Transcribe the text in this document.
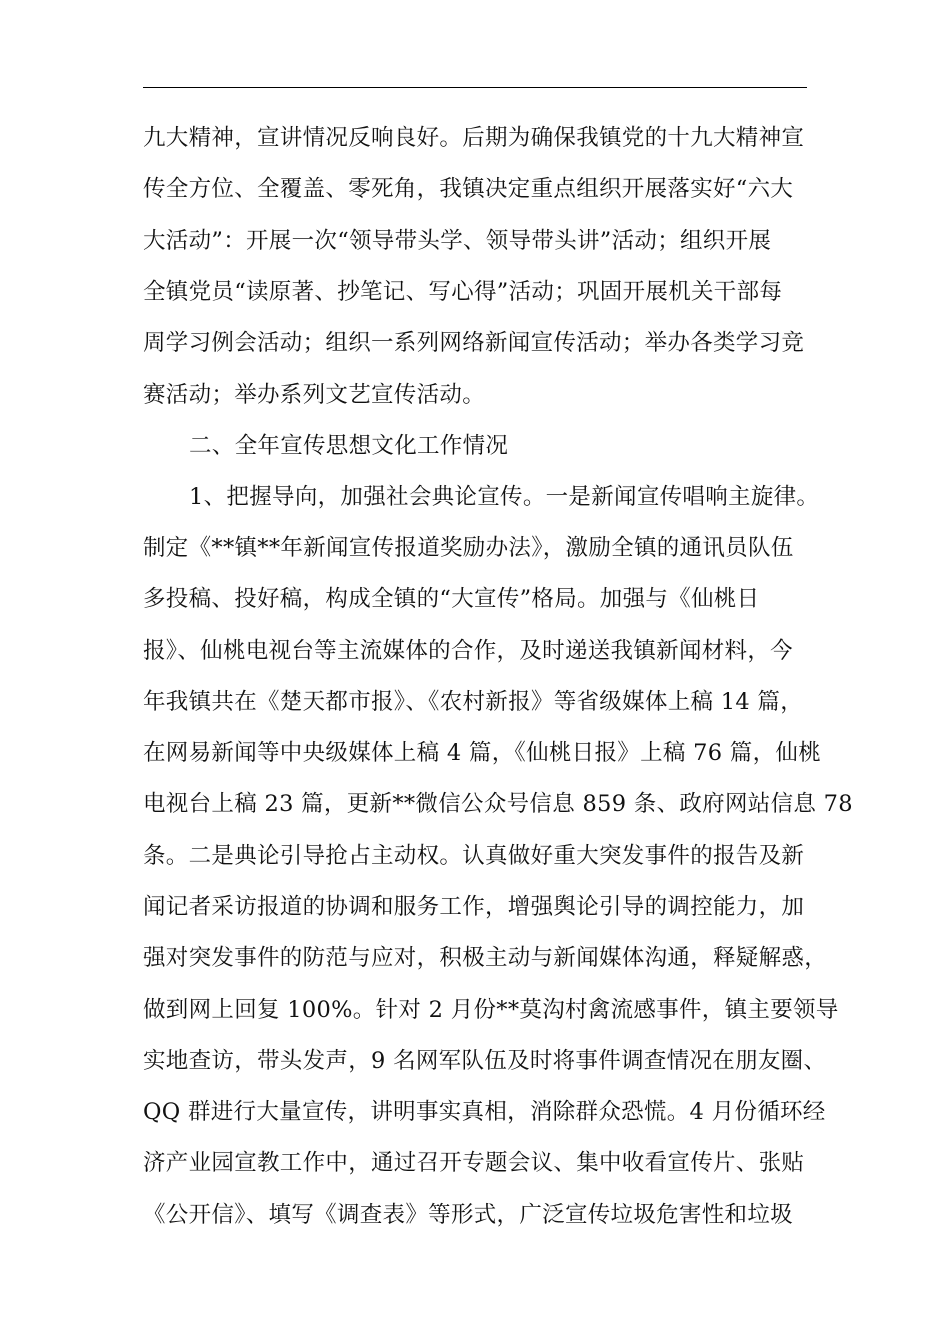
九大精神，宣讲情况反响良好。后期为确保我镇党的十九大精神宣
传全方位、全覆盖、零死角，我镇决定重点组织开展落实好“六大
大活动”：开展一次“领导带头学、领导带头讲”活动；组织开展
全镇党员“读原著、抄笔记、写心得”活动；巩固开展机关干部每
周学习例会活动；组织一系列网络新闻宣传活动；举办各类学习竞
赛活动；举办系列文艺宣传活动。
二、全年宣传思想文化工作情况
1、把握导向，加强社会典论宣传。一是新闻宣传唱响主旋律。
制定《**镇**年新闻宣传报道奖励办法》，激励全镇的通讯员队伍
多投稿、投好稿，构成全镇的“大宣传”格局。加强与《仙桃日
报》、仙桃电视台等主流媒体的合作，及时递送我镇新闻材料，今
年我镇共在《楚天都市报》、《农村新报》等省级媒体上稿 14 篇，
在网易新闻等中央级媒体上稿 4 篇，《仙桃日报》上稿 76 篇，仙桃
电视台上稿 23 篇，更新**微信公众号信息 859 条、政府网站信息 78
条。二是典论引导抢占主动权。认真做好重大突发事件的报告及新
闻记者采访报道的协调和服务工作，增强舆论引导的调控能力，加
强对突发事件的防范与应对，积极主动与新闻媒体沟通，释疑解惑，
做到网上回复 100%。针对 2 月份**莫沟村禽流感事件，镇主要领导
实地查访，带头发声，9 名网军队伍及时将事件调查情况在朋友圈、
QQ 群进行大量宣传，讲明事实真相，消除群众恐慌。4 月份循环经
济产业园宣教工作中，通过召开专题会议、集中收看宣传片、张贴
《公开信》、填写《调查表》等形式，广泛宣传垃圾危害性和垃圾
